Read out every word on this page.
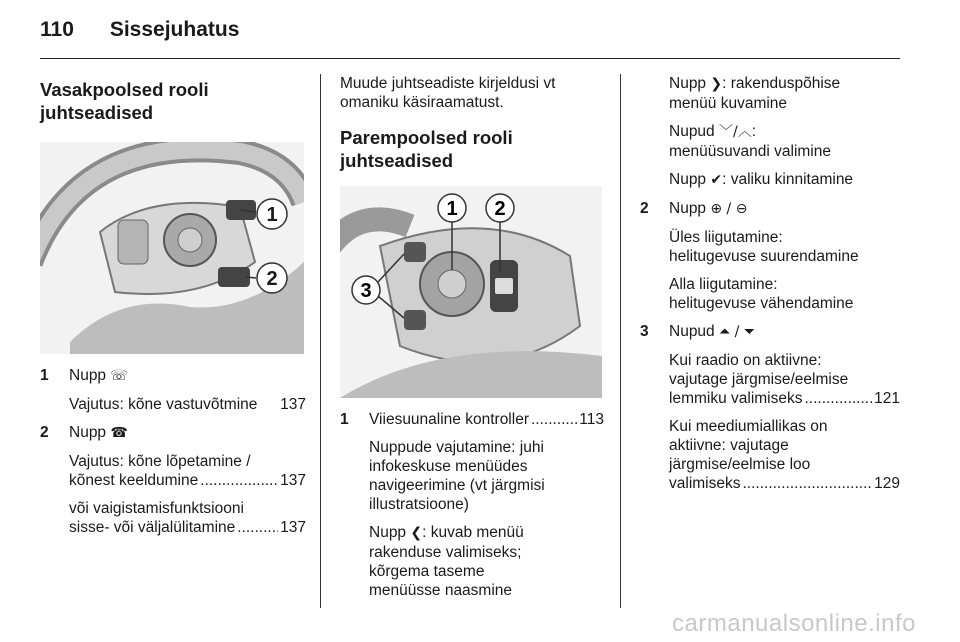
110 Sissejuhatus
Vasakpoolsed rooli
juhtseadised
1
2
1 Nupp ☏
Vajutus: kõne vastuvõtmine 137
2 Nupp ☎
Vajutus: kõne lõpetamine /
kõnest keeldumine .....	137
või vaigistamisfunktsiooni
sisse- või väljalülitamine .....	137

Muude juhtseadiste kirjeldusi vt
omaniku käsiraamatust.

Parempoolsed rooli
juhtseadised
1 2
3
1 Viiesuunaline kontroller .....	113
Nuppude vajutamine: juhi
infokeskuse menüüdes
navigeerimine (vt järgmisi
illustratsioone)
Nupp ❮: kuvab menüü
rakenduse valimiseks;
kõrgema taseme
menüüsse naasmine
Nupp ❯: rakenduspõhise
menüü kuvamine
Nupud ﹀/︿:
menüüsuvandi valimine
Nupp ✔: valiku kinnitamine
2 Nupp ⊕ / ⊖
Üles liigutamine:
helitugevuse suurendamine
Alla liigutamine:
helitugevuse vähendamine
3 Nupud ⏶ / ⏷
Kui raadio on aktiivne:
vajutage järgmise/eelmise
lemmiku valimiseks .....	121
Kui meediumiallikas on
aktiivne: vajutage
järgmise/eelmise loo
valimiseks .....	129
carmanualsonline.info
